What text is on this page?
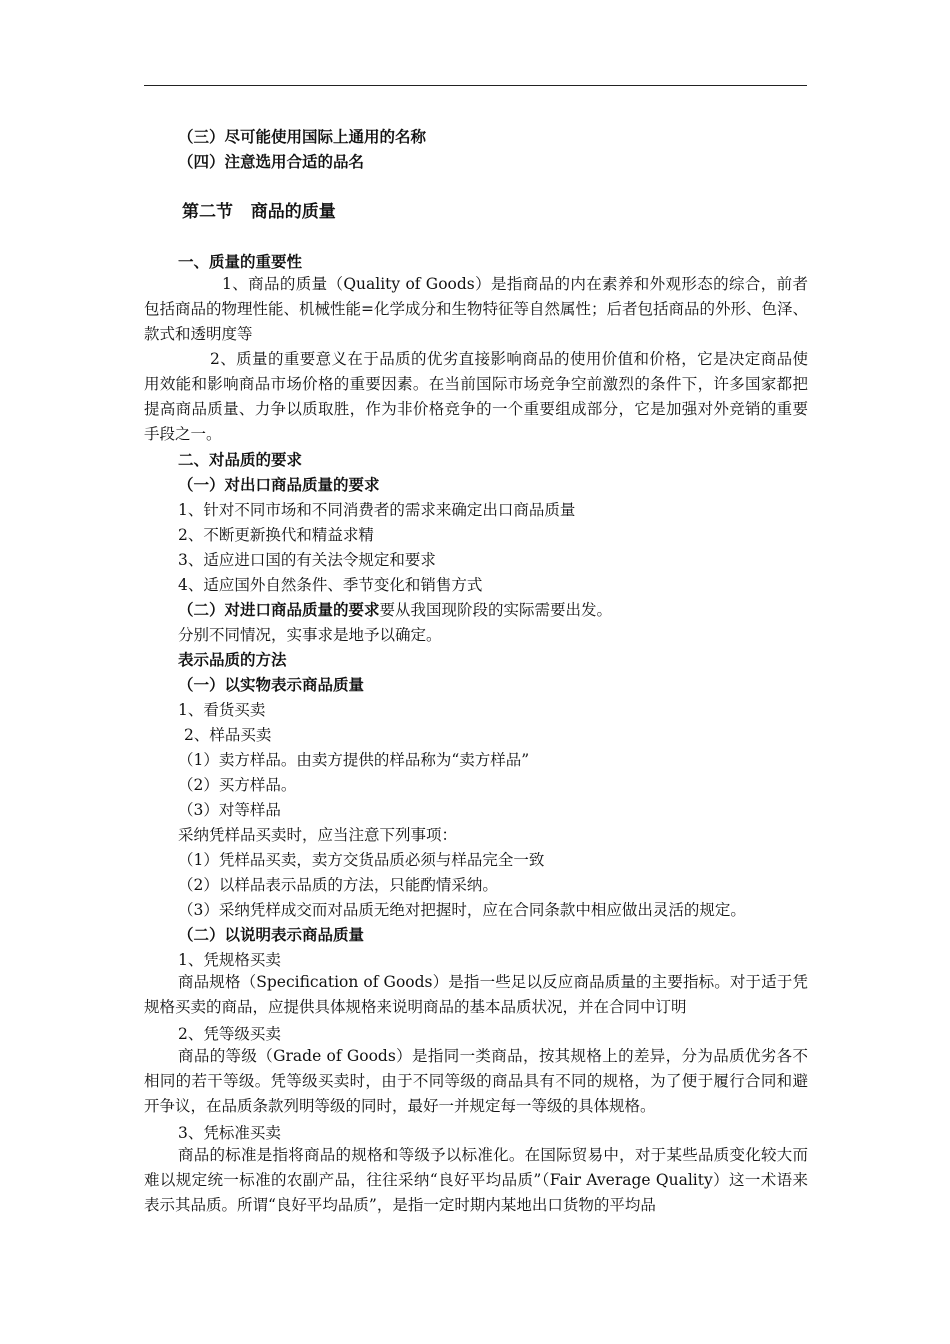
（三）尽可能使用国际上通用的名称
（四）注意选用合适的品名
第二节   商品的质量
一、质量的重要性
1、商品的质量（Quality of Goods）是指商品的内在素养和外观形态的综合，前者包括商品的物理性能、机械性能=化学成分和生物特征等自然属性；后者包括商品的外形、色泽、款式和透明度等
2、质量的重要意义在于品质的优劣直接影响商品的使用价值和价格，它是决定商品使用效能和影响商品市场价格的重要因素。在当前国际市场竞争空前激烈的条件下，许多国家都把提高商品质量、力争以质取胜，作为非价格竞争的一个重要组成部分，它是加强对外竞销的重要手段之一。
二、对品质的要求
（一）对出口商品质量的要求
1、针对不同市场和不同消费者的需求来确定出口商品质量
2、不断更新换代和精益求精
3、适应进口国的有关法令规定和要求
4、适应国外自然条件、季节变化和销售方式
（二）对进口商品质量的要求要从我国现阶段的实际需要出发。
分别不同情况，实事求是地予以确定。
表示品质的方法
（一）以实物表示商品质量
1、看货买卖
2、样品买卖
（1）卖方样品。由卖方提供的样品称为“卖方样品”
（2）买方样品。
（3）对等样品
采纳凭样品买卖时，应当注意下列事项：
（1）凭样品买卖，卖方交货品质必须与样品完全一致
（2）以样品表示品质的方法，只能酌情采纳。
（3）采纳凭样成交而对品质无绝对把握时，应在合同条款中相应做出灵活的规定。
（二）以说明表示商品质量
1、凭规格买卖
商品规格（Specification of Goods）是指一些足以反应商品质量的主要指标。对于适于凭规格买卖的商品，应提供具体规格来说明商品的基本品质状况，并在合同中订明
2、凭等级买卖
商品的等级（Grade of Goods）是指同一类商品，按其规格上的差异，分为品质优劣各不相同的若干等级。凭等级买卖时，由于不同等级的商品具有不同的规格，为了便于履行合同和避开争议，在品质条款列明等级的同时，最好一并规定每一等级的具体规格。
3、凭标准买卖
商品的标准是指将商品的规格和等级予以标准化。在国际贸易中，对于某些品质变化较大而难以规定统一标准的农副产品，往往采纳“良好平均品质”（Fair Average Quality）这一术语来表示其品质。所谓“良好平均品质”，是指一定时期内某地出口货物的平均品
